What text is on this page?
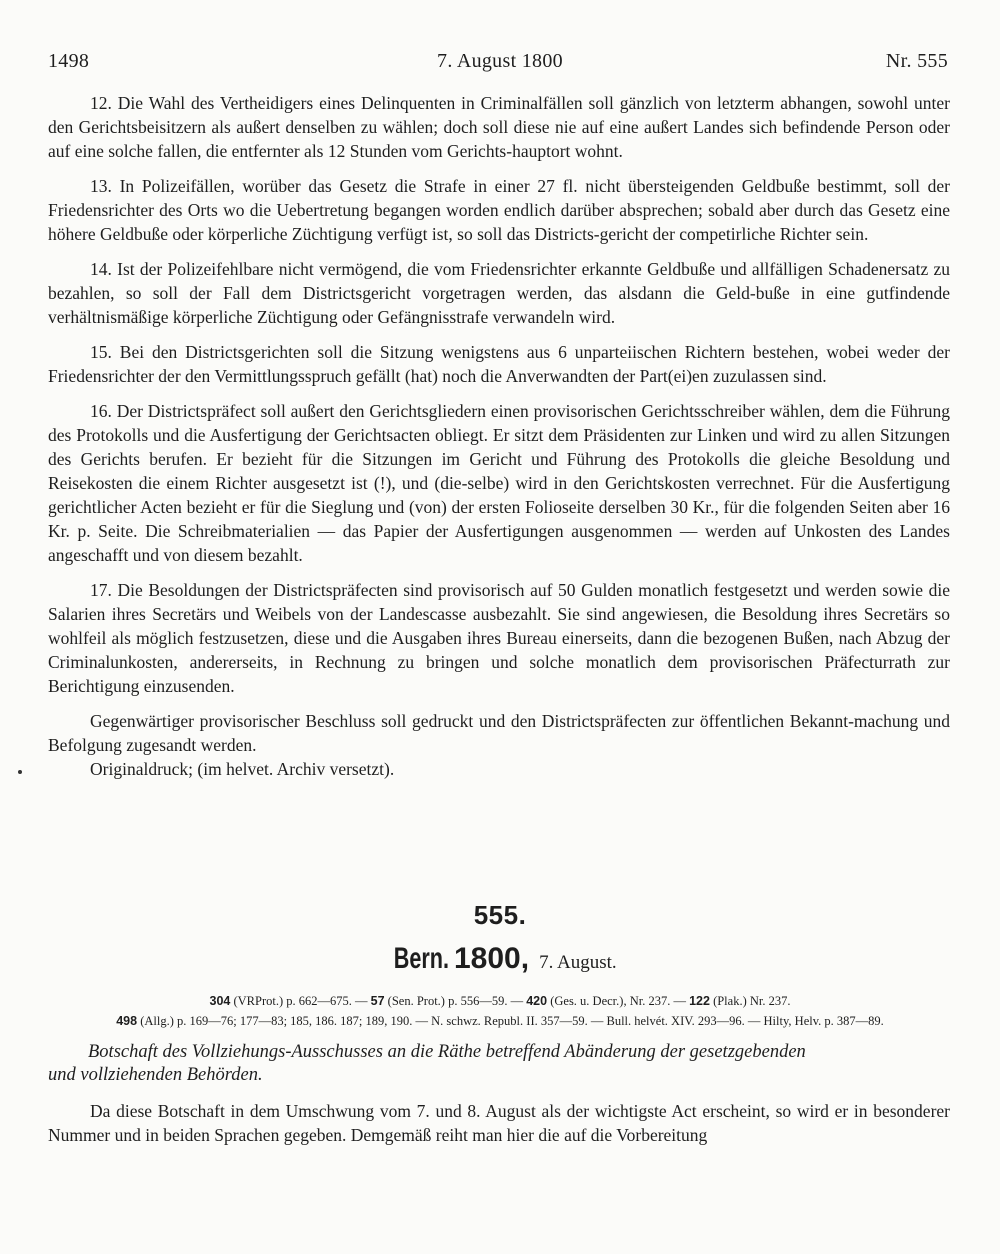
1498	7. August 1800	Nr. 555

12. Die Wahl des Vertheidigers eines Delinquenten in Criminalfällen soll gänzlich von letzterm abhangen, sowohl unter den Gerichtsbeisitzern als außert denselben zu wählen; doch soll diese nie auf eine außert Landes sich befindende Person oder auf eine solche fallen, die entfernter als 12 Stunden vom Gerichts-hauptort wohnt.

13. In Polizeifällen, worüber das Gesetz die Strafe in einer 27 fl. nicht übersteigenden Geldbuße bestimmt, soll der Friedensrichter des Orts wo die Uebertretung begangen worden endlich darüber absprechen; sobald aber durch das Gesetz eine höhere Geldbuße oder körperliche Züchtigung verfügt ist, so soll das Districts-gericht der competirliche Richter sein.

14. Ist der Polizeifehlbare nicht vermögend, die vom Friedensrichter erkannte Geldbuße und allfälligen Schadenersatz zu bezahlen, so soll der Fall dem Districtsgericht vorgetragen werden, das alsdann die Geld-buße in eine gutfindende verhältnismäßige körperliche Züchtigung oder Gefängnisstrafe verwandeln wird.

15. Bei den Districtsgerichten soll die Sitzung wenigstens aus 6 unparteiischen Richtern bestehen, wobei weder der Friedensrichter der den Vermittlungsspruch gefällt (hat) noch die Anverwandten der Part(ei)en zuzulassen sind.

16. Der Districtspräfect soll außert den Gerichtsgliedern einen provisorischen Gerichtsschreiber wählen, dem die Führung des Protokolls und die Ausfertigung der Gerichtsacten obliegt. Er sitzt dem Präsidenten zur Linken und wird zu allen Sitzungen des Gerichts berufen. Er bezieht für die Sitzungen im Gericht und Führung des Protokolls die gleiche Besoldung und Reisekosten die einem Richter ausgesetzt ist (!), und (die-selbe) wird in den Gerichtskosten verrechnet. Für die Ausfertigung gerichtlicher Acten bezieht er für die Sieglung und (von) der ersten Folioseite derselben 30 Kr., für die folgenden Seiten aber 16 Kr. p. Seite. Die Schreibmaterialien — das Papier der Ausfertigungen ausgenommen — werden auf Unkosten des Landes angeschafft und von diesem bezahlt.

17. Die Besoldungen der Districtspräfecten sind provisorisch auf 50 Gulden monatlich festgesetzt und werden sowie die Salarien ihres Secretärs und Weibels von der Landescasse ausbezahlt. Sie sind angewiesen, die Besoldung ihres Secretärs so wohlfeil als möglich festzusetzen, diese und die Ausgaben ihres Bureau einerseits, dann die bezogenen Bußen, nach Abzug der Criminalunkosten, andererseits, in Rechnung zu bringen und solche monatlich dem provisorischen Präfecturrath zur Berichtigung einzusenden.

Gegenwärtiger provisorischer Beschluss soll gedruckt und den Districtspräfecten zur öffentlichen Bekannt-machung und Befolgung zugesandt werden.

Originaldruck; (im helvet. Archiv versetzt).

555.
Bern. 1800, 7. August.
304 (VRProt.) p. 662—675. — 57 (Sen. Prot.) p. 556—59. — 420 (Ges. u. Decr.), Nr. 237. — 122 (Plak.) Nr. 237.
498 (Allg.) p. 169—76; 177—83; 185, 186. 187; 189, 190. — N. schwz. Republ. II. 357—59. — Bull. helvét. XIV. 293—96. — Hilty, Helv. p. 387—89.
Botschaft des Vollziehungs-Ausschusses an die Räthe betreffend Abänderung der gesetzgebenden
und vollziehenden Behörden.

Da diese Botschaft in dem Umschwung vom 7. und 8. August als der wichtigste Act erscheint, so wird er in besonderer Nummer und in beiden Sprachen gegeben. Demgemäß reiht man hier die auf die Vorbereitung
